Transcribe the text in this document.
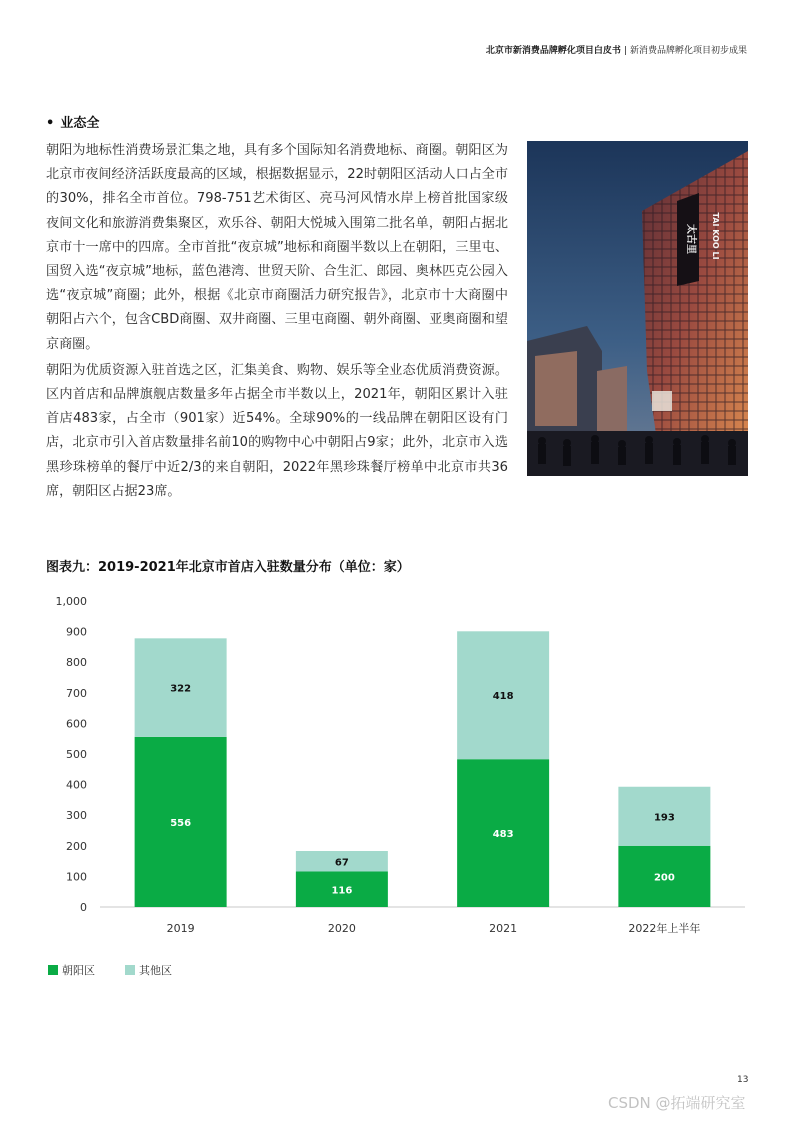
北京市新消费品牌孵化项目白皮书 | 新消费品牌孵化项目初步成果
• 业态全

朝阳为地标性消费场景汇集之地，具有多个国际知名消费地标、商圈。朝阳区为北京市夜间经济活跃度最高的区域，根据数据显示，22时朝阳区活动人口占全市的30%，排名全市首位。798-751艺术街区、亮马河风情水岸上榜首批国家级夜间文化和旅游消费集聚区，欢乐谷、朝阳大悦城入围第二批名单，朝阳占据北京市十一席中的四席。全市首批“夜京城”地标和商圈半数以上在朝阳，三里屯、国贸入选“夜京城”地标，蓝色港湾、世贸天阶、合生汇、郎园、奥林匹克公园入选“夜京城”商圈；此外，根据《北京市商圈活力研究报告》，北京市十大商圈中朝阳占六个，包含CBD商圈、双井商圈、三里屯商圈、朝外商圈、亚奥商圈和望京商圈。

朝阳为优质资源入驻首选之区，汇集美食、购物、娱乐等全业态优质消费资源。区内首店和品牌旗舰店数量多年占据全市半数以上，2021年，朝阳区累计入驻首店483家，占全市（901家）近54%。全球90%的一线品牌在朝阳区设有门店，北京市引入首店数量排名前10的购物中心中朝阳占9家；此外，北京市入选黑珍珠榜单的餐厅中近2/3的来自朝阳，2022年黑珍珠餐厅榜单中北京市共36席，朝阳区占据23席。

太古里 TAI KOO LI
图表九：2019-2021年北京市首店入驻数量分布（单位：家）
0
100
200
300
400
500
600
700
800
900
1,000
556
322
2019
116
67
2020
483
418
2021
200
193
2022年上半年
朝阳区	其他区
13
CSDN @拓端研究室
